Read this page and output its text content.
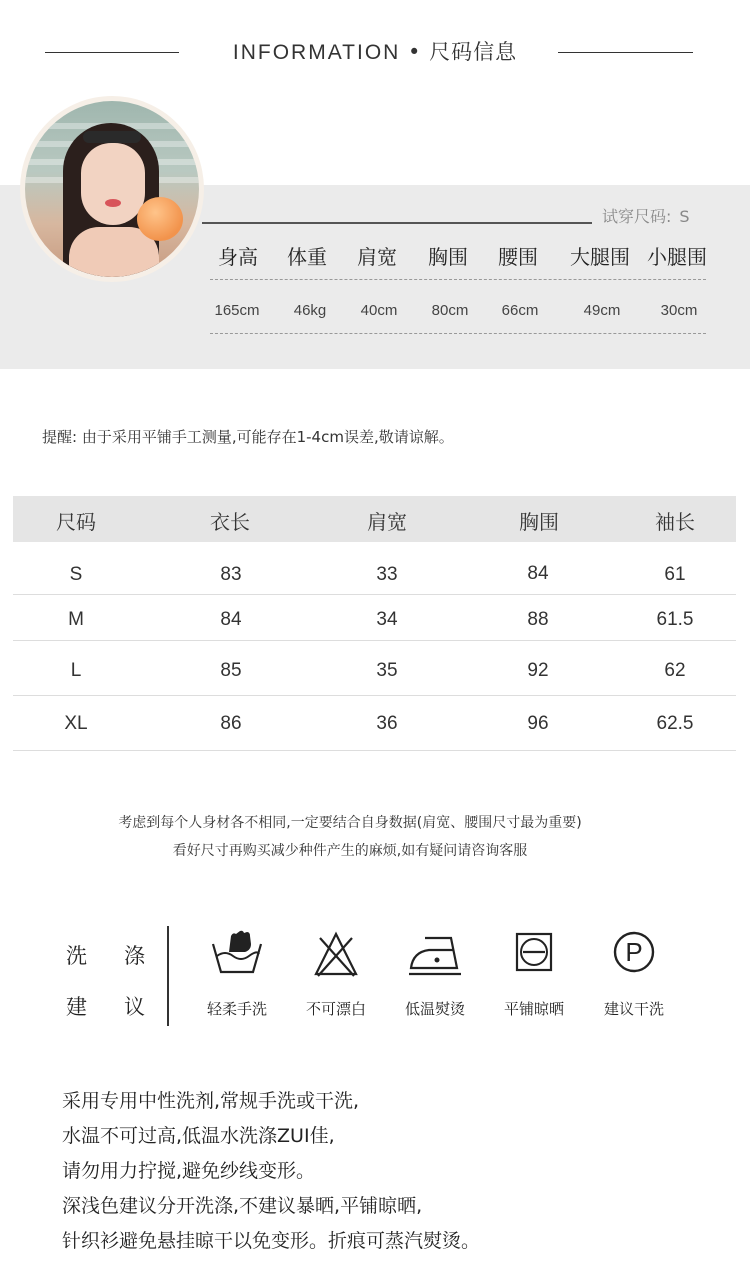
INFORMATION • 尺码信息
试穿尺码: S
身高 体重 肩宽 胸围 腰围 大腿围 小腿围
165cm 46kg 40cm 80cm 66cm	49cm	30cm
提醒: 由于采用平铺手工测量,可能存在1-4cm误差,敬请谅解。
尺码	衣长	肩宽	胸围	袖长
S	83	33	84	61
M	84	34	88	61.5
L	85	35	92	62
XL	86	36	96	62.5
考虑到每个人身材各不相同,一定要结合自身数据(肩宽、腰围尺寸最为重要)
看好尺寸再购买减少种件产生的麻烦,如有疑问请咨询客服
洗 涤
建 议	轻柔手洗	不可漂白	低温熨烫	平铺晾晒
P
建议干洗

采用专用中性洗剂,常规手洗或干洗,

水温不可过高,低温水洗涤ZUI佳,

请勿用力拧搅,避免纱线变形。

深浅色建议分开洗涤,不建议暴晒,平铺晾晒,

针织衫避免悬挂晾干以免变形。折痕可蒸汽熨烫。
